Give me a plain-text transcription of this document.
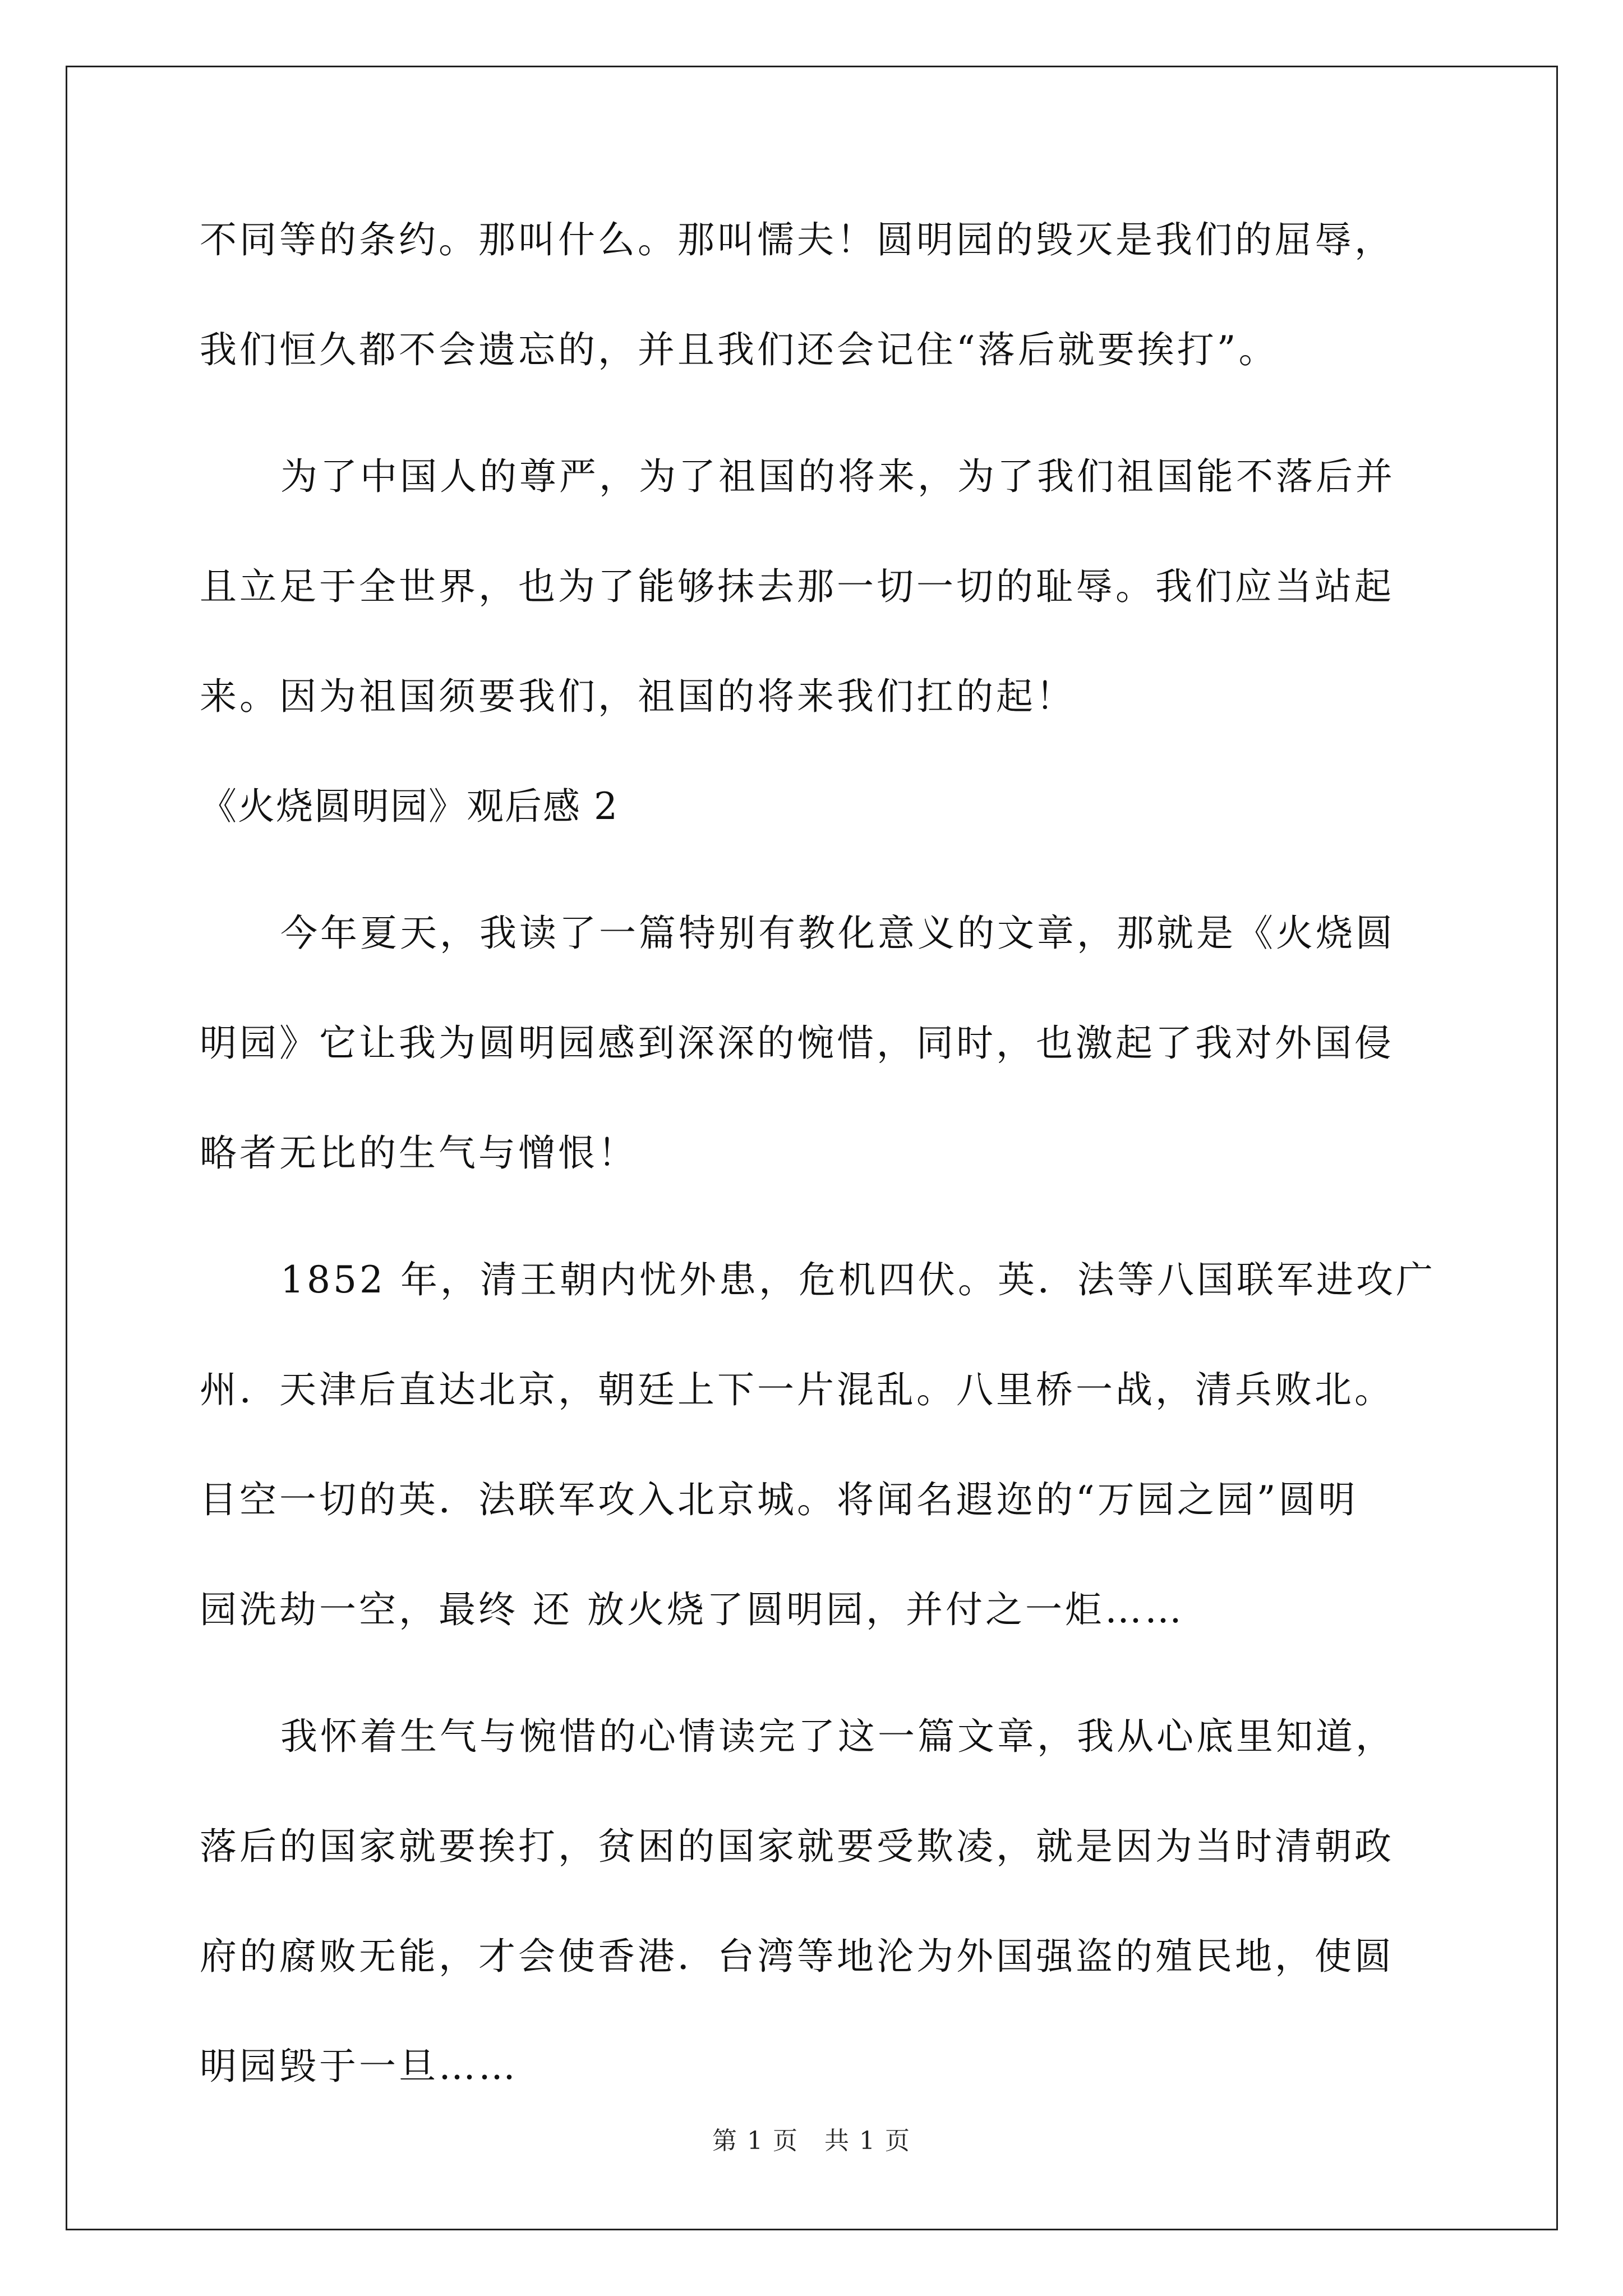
不同等的条约。那叫什么。那叫懦夫！圆明园的毁灭是我们的屈辱，
我们恒久都不会遗忘的，并且我们还会记住“落后就要挨打”。
为了中国人的尊严，为了祖国的将来，为了我们祖国能不落后并
且立足于全世界，也为了能够抹去那一切一切的耻辱。我们应当站起
来。因为祖国须要我们，祖国的将来我们扛的起！
《火烧圆明园》观后感 2
今年夏天，我读了一篇特别有教化意义的文章，那就是《火烧圆
明园》它让我为圆明园感到深深的惋惜，同时，也激起了我对外国侵
略者无比的生气与憎恨！
1852 年，清王朝内忧外患，危机四伏。英．法等八国联军进攻广
州．天津后直达北京，朝廷上下一片混乱。八里桥一战，清兵败北。
目空一切的英．法联军攻入北京城。将闻名遐迩的“万园之园”圆明
园洗劫一空，最终 还 放火烧了圆明园，并付之一炬……
我怀着生气与惋惜的心情读完了这一篇文章，我从心底里知道，
落后的国家就要挨打，贫困的国家就要受欺凌，就是因为当时清朝政
府的腐败无能，才会使香港．台湾等地沦为外国强盗的殖民地，使圆
明园毁于一旦……
第 1 页　共 1 页
